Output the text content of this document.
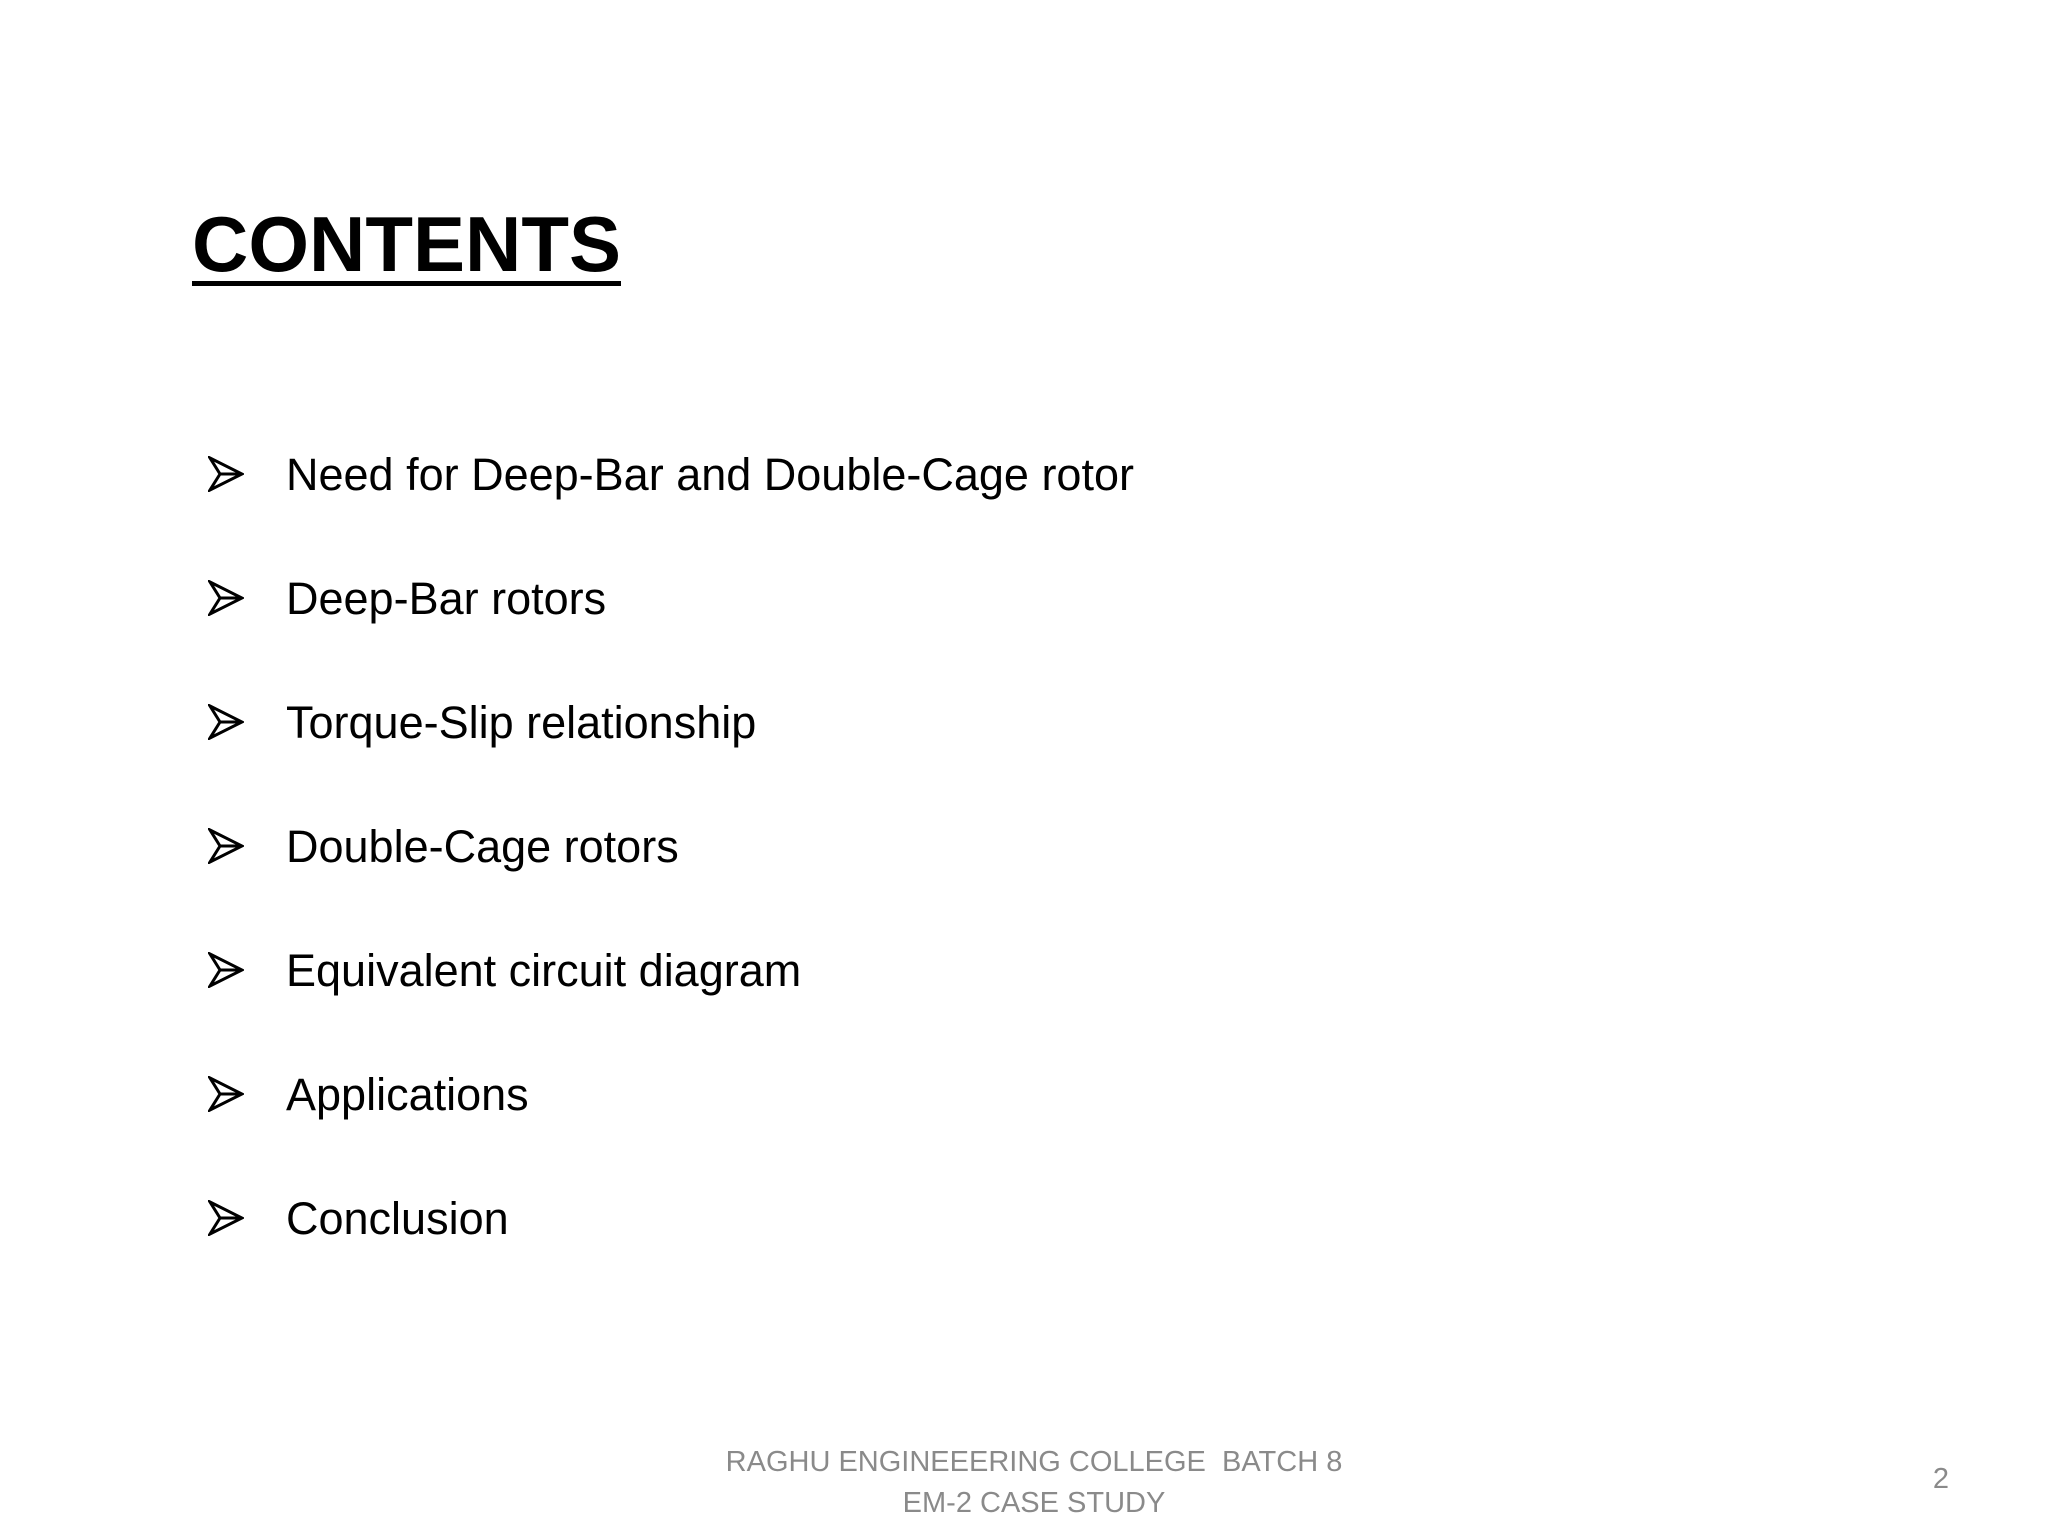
CONTENTS
Need for Deep-Bar and Double-Cage rotor
Deep-Bar rotors
Torque-Slip relationship
Double-Cage rotors
Equivalent circuit diagram
Applications
Conclusion
RAGHU ENGINEEERING COLLEGE  BATCH 8
EM-2 CASE STUDY
2
